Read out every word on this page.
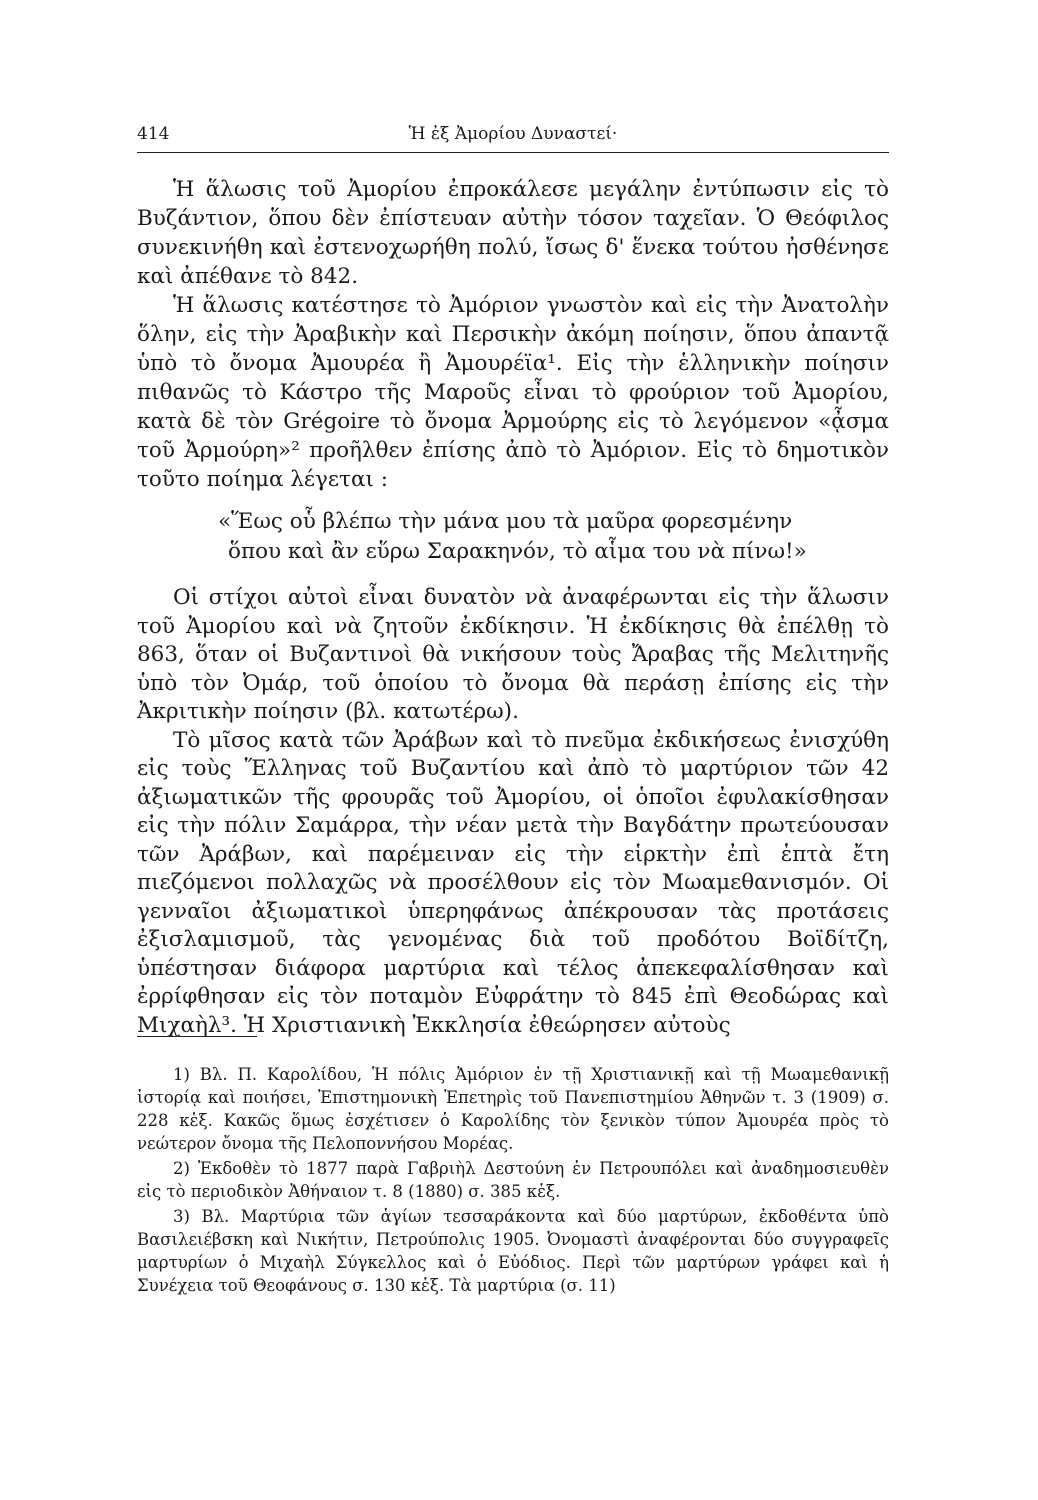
414	Ἡ ἐξ Ἀμορίου Δυναστεί·

Ἡ ἅλωσις τοῦ Ἀμορίου ἐπροκάλεσε μεγάλην ἐντύπωσιν εἰς τὸ Βυζάντιον, ὅπου δὲν ἐπίστευαν αὐτὴν τόσον ταχεῖαν. Ὁ Θεόφιλος συνεκινήθη καὶ ἐστενοχωρήθη πολύ, ἴσως δ' ἕνεκα τούτου ἠσθένησε καὶ ἀπέθανε τὸ 842.

Ἡ ἅλωσις κατέστησε τὸ Ἀμόριον γνωστὸν καὶ εἰς τὴν Ἀνατολὴν ὅλην, εἰς τὴν Ἀραβικὴν καὶ Περσικὴν ἀκόμη ποίησιν, ὅπου ἀπαντᾷ ὑπὸ τὸ ὄνομα Ἀμουρέα ἢ Ἀμουρέϊα¹. Εἰς τὴν ἑλληνικὴν ποίησιν πιθανῶς τὸ Κάστρο τῆς Μαροῦς εἶναι τὸ φρούριον τοῦ Ἀμορίου, κατὰ δὲ τὸν Grégoire τὸ ὄνομα Ἀρμούρης εἰς τὸ λεγόμενον «ᾆσμα τοῦ Ἀρμούρη»² προῆλθεν ἐπίσης ἀπὸ τὸ Ἀμόριον. Εἰς τὸ δημοτικὸν τοῦτο ποίημα λέγεται :

«Ἕως οὗ βλέπω τὴν μάνα μου τὰ μαῦρα φορεσμένην
ὅπου καὶ ἂν εὕρω Σαρακηνόν, τὸ αἷμα του νὰ πίνω!»

Οἱ στίχοι αὐτοὶ εἶναι δυνατὸν νὰ ἀναφέρωνται εἰς τὴν ἅλωσιν τοῦ Ἀμορίου καὶ νὰ ζητοῦν ἐκδίκησιν. Ἡ ἐκδίκησις θὰ ἐπέλθῃ τὸ 863, ὅταν οἱ Βυζαντινοὶ θὰ νικήσουν τοὺς Ἄραβας τῆς Μελιτηνῆς ὑπὸ τὸν Ὀμάρ, τοῦ ὁποίου τὸ ὄνομα θὰ περάσῃ ἐπίσης εἰς τὴν Ἀκριτικὴν ποίησιν (βλ. κατωτέρω).

Τὸ μῖσος κατὰ τῶν Ἀράβων καὶ τὸ πνεῦμα ἐκδικήσεως ἐνισχύθη εἰς τοὺς Ἕλληνας τοῦ Βυζαντίου καὶ ἀπὸ τὸ μαρτύριον τῶν 42 ἀξιωματικῶν τῆς φρουρᾶς τοῦ Ἀμορίου, οἱ ὁποῖοι ἐφυλακίσθησαν εἰς τὴν πόλιν Σαμάρρα, τὴν νέαν μετὰ τὴν Βαγδάτην πρωτεύουσαν τῶν Ἀράβων, καὶ παρέμειναν εἰς τὴν εἱρκτὴν ἐπὶ ἑπτὰ ἔτη πιεζόμενοι πολλαχῶς νὰ προσέλθουν εἰς τὸν Μωαμεθανισμόν. Οἱ γενναῖοι ἀξιωματικοὶ ὑπερηφάνως ἀπέκρουσαν τὰς προτάσεις ἐξισλαμισμοῦ, τὰς γενομένας διὰ τοῦ προδότου Βοϊδίτζη, ὑπέστησαν διάφορα μαρτύρια καὶ τέλος ἀπεκεφαλίσθησαν καὶ ἐρρίφθησαν εἰς τὸν ποταμὸν Εὐφράτην τὸ 845 ἐπὶ Θεοδώρας καὶ Μιχαὴλ³. Ἡ Χριστιανικὴ Ἐκκλησία ἐθεώρησεν αὐτοὺς

1) Βλ. Π. Καρολίδου, Ἡ πόλις Ἀμόριον ἐν τῇ Χριστιανικῇ καὶ τῇ Μωαμεθανικῇ ἱστορίᾳ καὶ ποιήσει, Ἐπιστημονικὴ Ἐπετηρὶς τοῦ Πανεπιστημίου Ἀθηνῶν τ. 3 (1909) σ. 228 κἑξ. Κακῶς ὅμως ἐσχέτισεν ὁ Καρολίδης τὸν ξενικὸν τύπον Ἀμουρέα πρὸς τὸ νεώτερον ὄνομα τῆς Πελοποννήσου Μορέας.

2) Ἐκδοθὲν τὸ 1877 παρὰ Γαβριὴλ Δεστούνη ἐν Πετρουπόλει καὶ ἀναδημοσιευθὲν εἰς τὸ περιοδικὸν Ἀθήναιον τ. 8 (1880) σ. 385 κἑξ.

3) Βλ. Μαρτύρια τῶν ἁγίων τεσσαράκοντα καὶ δύο μαρτύρων, ἐκδοθέντα ὑπὸ Βασιλειέβσκη καὶ Νικήτιν, Πετρούπολις 1905. Ὀνομαστὶ ἀναφέρονται δύο συγγραφεῖς μαρτυρίων ὁ Μιχαὴλ Σύγκελλος καὶ ὁ Εὐόδιος. Περὶ τῶν μαρτύρων γράφει καὶ ἡ Συνέχεια τοῦ Θεοφάνους σ. 130 κἑξ. Τὰ μαρτύρια (σ. 11)
